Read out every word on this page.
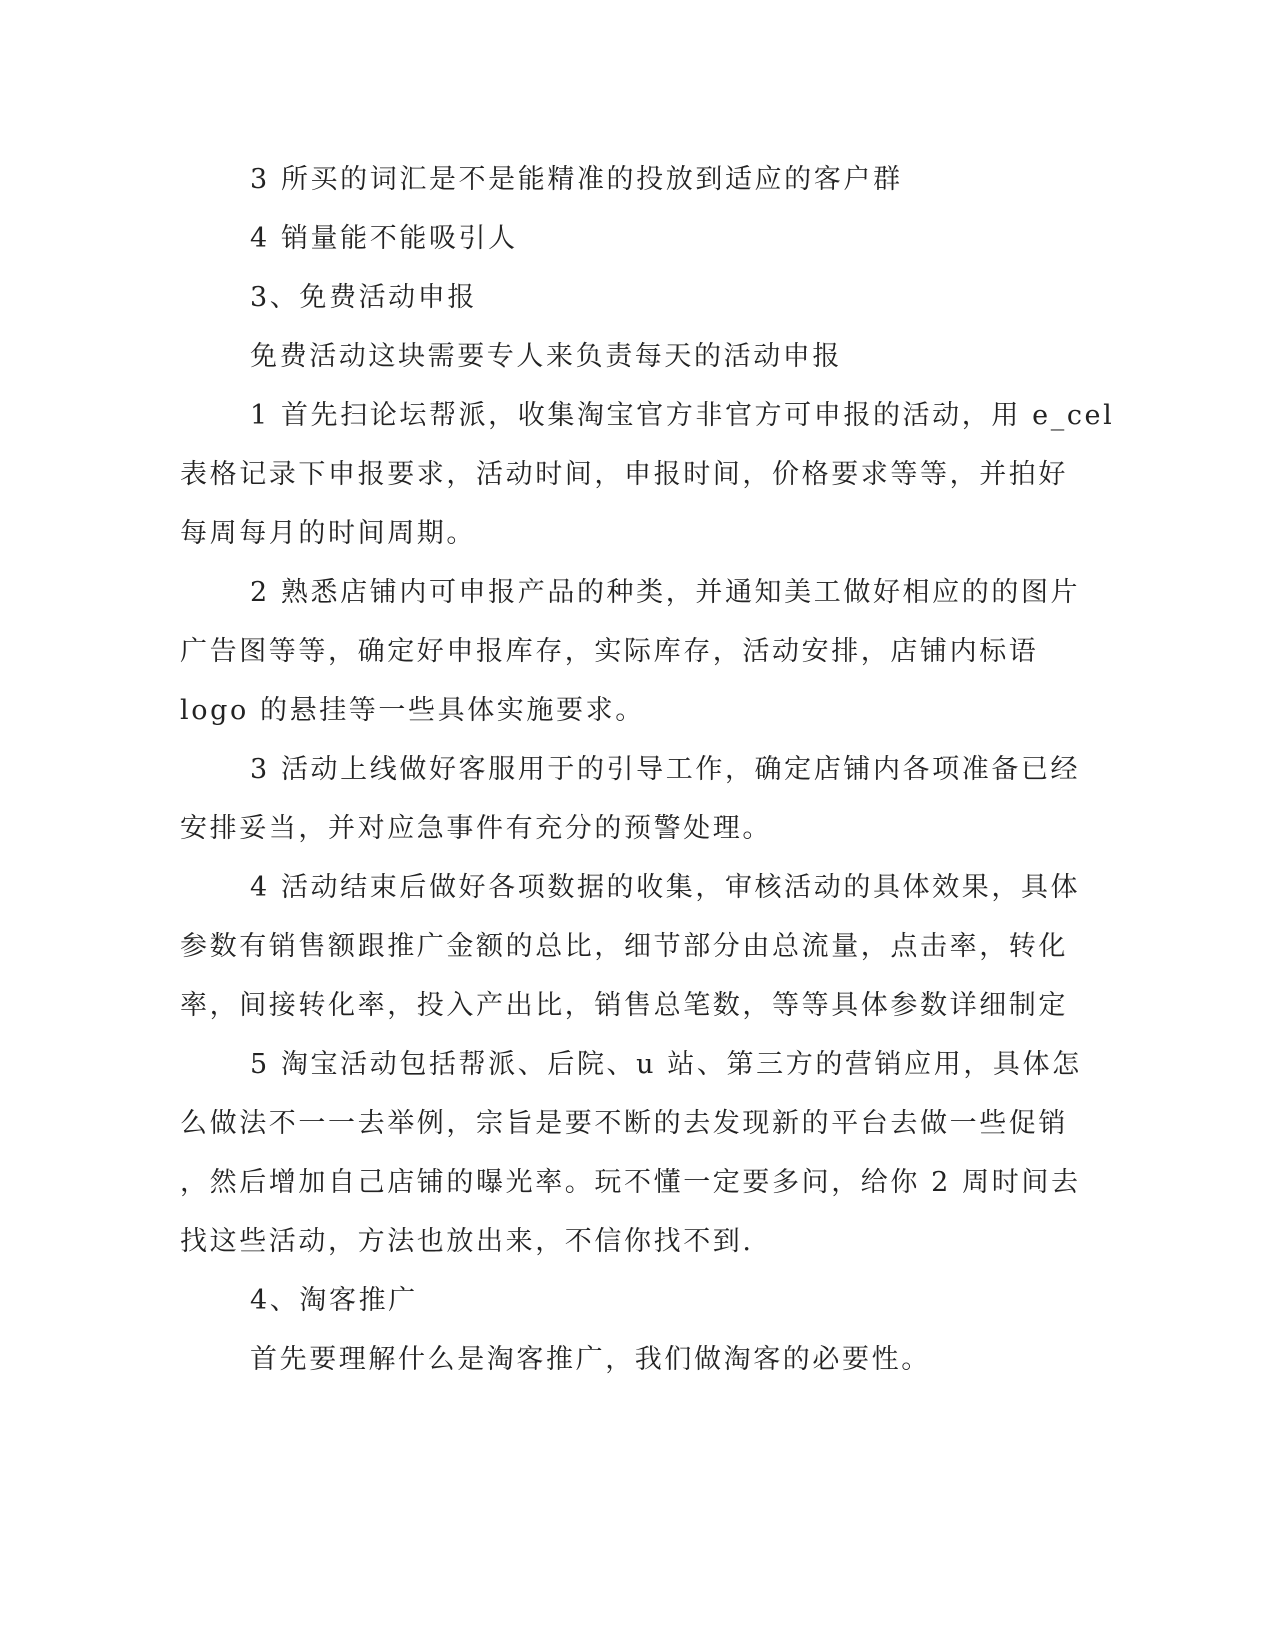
3 所买的词汇是不是能精准的投放到适应的客户群
4 销量能不能吸引人
3、免费活动申报
免费活动这块需要专人来负责每天的活动申报
1 首先扫论坛帮派，收集淘宝官方非官方可申报的活动，用 e_cel
表格记录下申报要求，活动时间，申报时间，价格要求等等，并拍好
每周每月的时间周期。
2 熟悉店铺内可申报产品的种类，并通知美工做好相应的的图片
广告图等等，确定好申报库存，实际库存，活动安排，店铺内标语
logo 的悬挂等一些具体实施要求。
3 活动上线做好客服用于的引导工作，确定店铺内各项准备已经
安排妥当，并对应急事件有充分的预警处理。
4 活动结束后做好各项数据的收集，审核活动的具体效果，具体
参数有销售额跟推广金额的总比，细节部分由总流量，点击率，转化
率，间接转化率，投入产出比，销售总笔数，等等具体参数详细制定
5 淘宝活动包括帮派、后院、u 站、第三方的营销应用，具体怎
么做法不一一去举例，宗旨是要不断的去发现新的平台去做一些促销
，然后增加自己店铺的曝光率。玩不懂一定要多问，给你 2 周时间去
找这些活动，方法也放出来，不信你找不到.
4、淘客推广
首先要理解什么是淘客推广，我们做淘客的必要性。
